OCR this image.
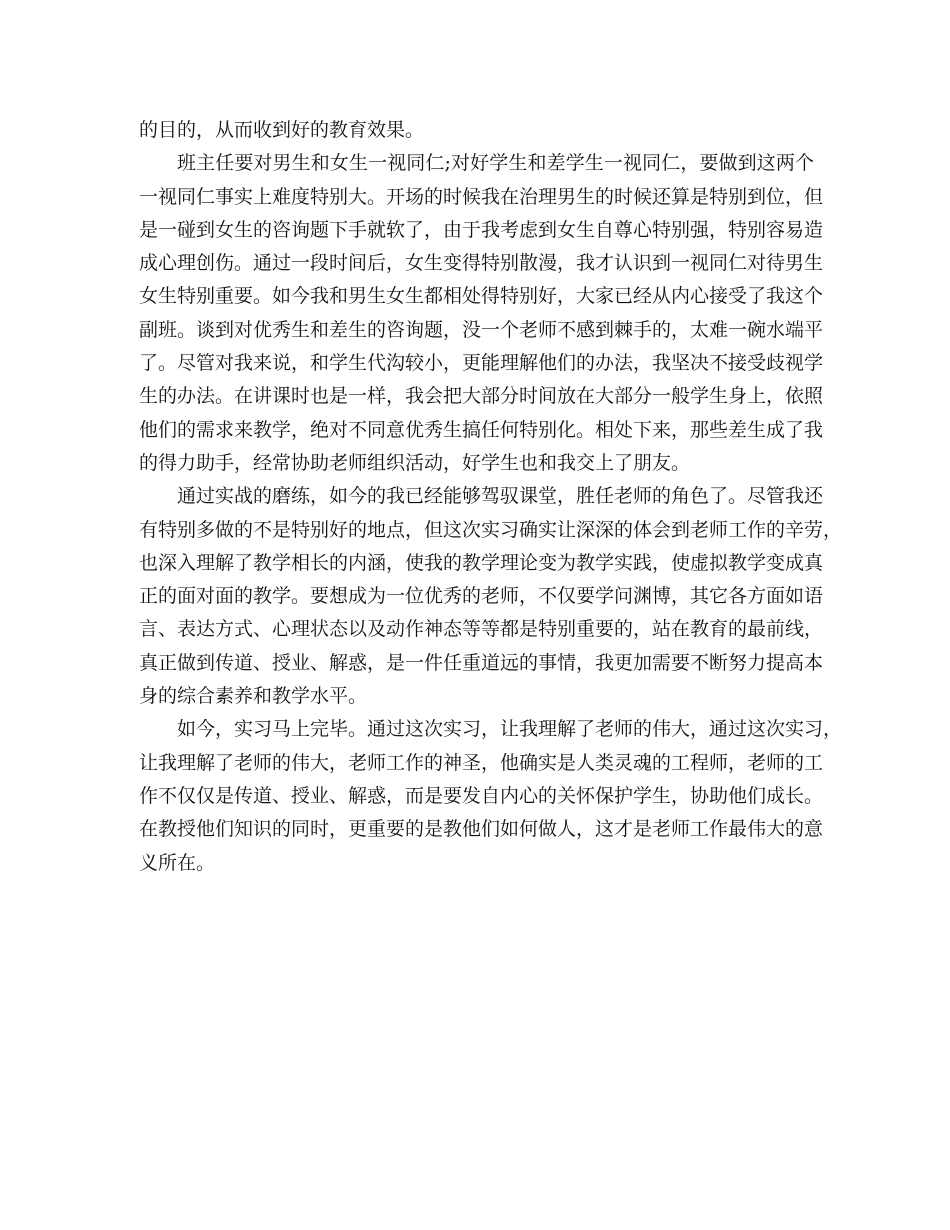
的目的，从而收到好的教育效果。
班主任要对男生和女生一视同仁;对好学生和差学生一视同仁，要做到这两个
一视同仁事实上难度特别大。开场的时候我在治理男生的时候还算是特别到位，但
是一碰到女生的咨询题下手就软了，由于我考虑到女生自尊心特别强，特别容易造
成心理创伤。通过一段时间后，女生变得特别散漫，我才认识到一视同仁对待男生
女生特别重要。如今我和男生女生都相处得特别好，大家已经从内心接受了我这个
副班。谈到对优秀生和差生的咨询题，没一个老师不感到棘手的，太难一碗水端平
了。尽管对我来说，和学生代沟较小，更能理解他们的办法，我坚决不接受歧视学
生的办法。在讲课时也是一样，我会把大部分时间放在大部分一般学生身上，依照
他们的需求来教学，绝对不同意优秀生搞任何特别化。相处下来，那些差生成了我
的得力助手，经常协助老师组织活动，好学生也和我交上了朋友。
通过实战的磨练，如今的我已经能够驾驭课堂，胜任老师的角色了。尽管我还
有特别多做的不是特别好的地点，但这次实习确实让深深的体会到老师工作的辛劳，
也深入理解了教学相长的内涵，使我的教学理论变为教学实践，使虚拟教学变成真
正的面对面的教学。要想成为一位优秀的老师，不仅要学问渊博，其它各方面如语
言、表达方式、心理状态以及动作神态等等都是特别重要的，站在教育的最前线，
真正做到传道、授业、解惑，是一件任重道远的事情，我更加需要不断努力提高本
身的综合素养和教学水平。
如今，实习马上完毕。通过这次实习，让我理解了老师的伟大，通过这次实习，
让我理解了老师的伟大，老师工作的神圣，他确实是人类灵魂的工程师，老师的工
作不仅仅是传道、授业、解惑，而是要发自内心的关怀保护学生，协助他们成长。
在教授他们知识的同时，更重要的是教他们如何做人，这才是老师工作最伟大的意
义所在。
